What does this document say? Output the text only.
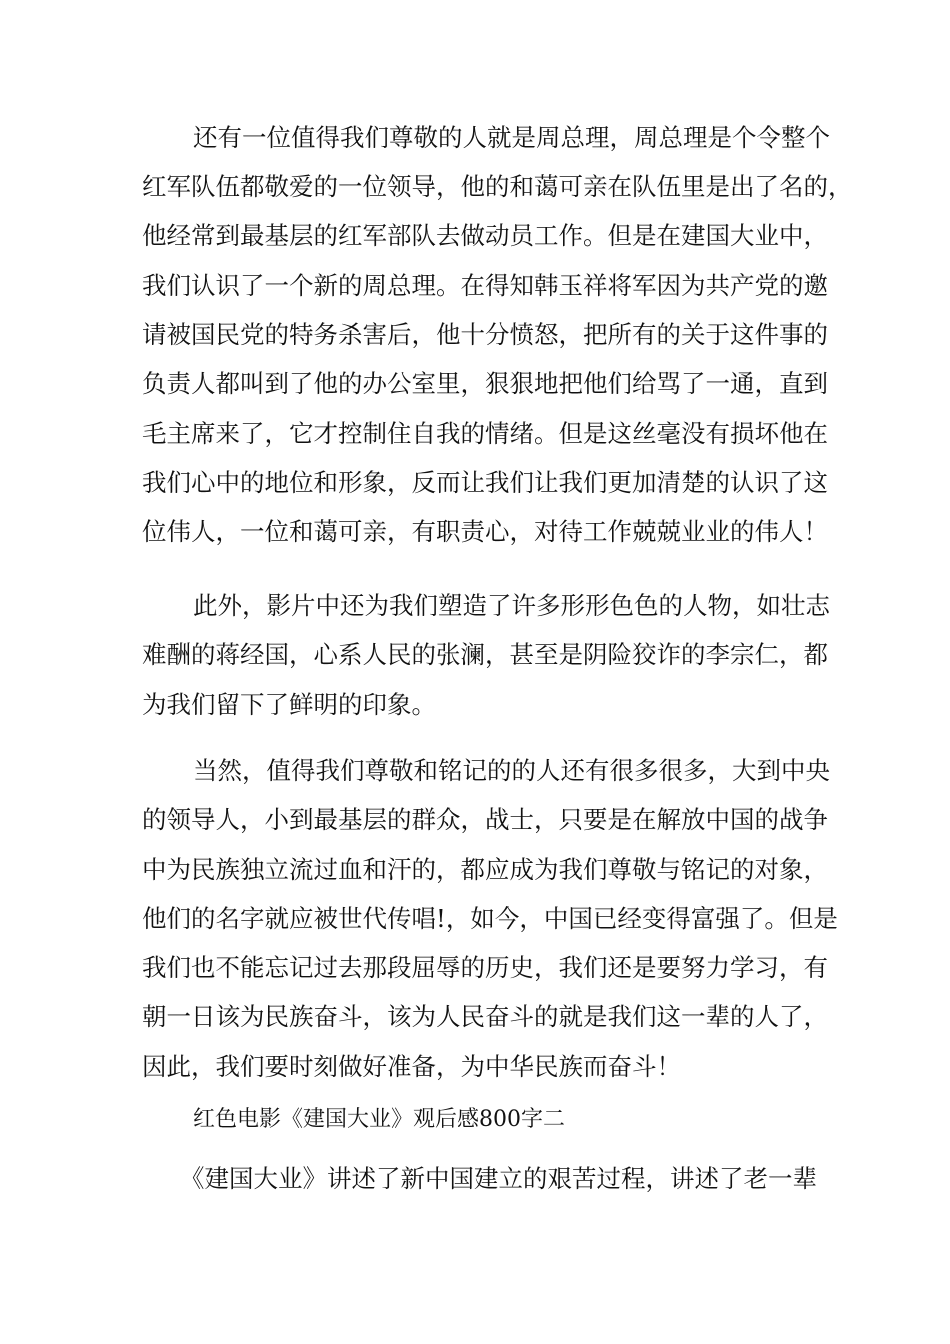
还有一位值得我们尊敬的人就是周总理，周总理是个令整个
红军队伍都敬爱的一位领导，他的和蔼可亲在队伍里是出了名的，
他经常到最基层的红军部队去做动员工作。但是在建国大业中，
我们认识了一个新的周总理。在得知韩玉祥将军因为共产党的邀
请被国民党的特务杀害后，他十分愤怒，把所有的关于这件事的
负责人都叫到了他的办公室里，狠狠地把他们给骂了一通，直到
毛主席来了，它才控制住自我的情绪。但是这丝毫没有损坏他在
我们心中的地位和形象，反而让我们让我们更加清楚的认识了这
位伟人，一位和蔼可亲，有职责心，对待工作兢兢业业的伟人！
此外，影片中还为我们塑造了许多形形色色的人物，如壮志
难酬的蒋经国，心系人民的张澜，甚至是阴险狡诈的李宗仁，都
为我们留下了鲜明的印象。
当然，值得我们尊敬和铭记的的人还有很多很多，大到中央
的领导人，小到最基层的群众，战士，只要是在解放中国的战争
中为民族独立流过血和汗的，都应成为我们尊敬与铭记的对象，
他们的名字就应被世代传唱!，如今，中国已经变得富强了。但是
我们也不能忘记过去那段屈辱的历史，我们还是要努力学习，有
朝一日该为民族奋斗，该为人民奋斗的就是我们这一辈的人了，
因此，我们要时刻做好准备，为中华民族而奋斗！
红色电影《建国大业》观后感800字二
《建国大业》讲述了新中国建立的艰苦过程，讲述了老一辈
